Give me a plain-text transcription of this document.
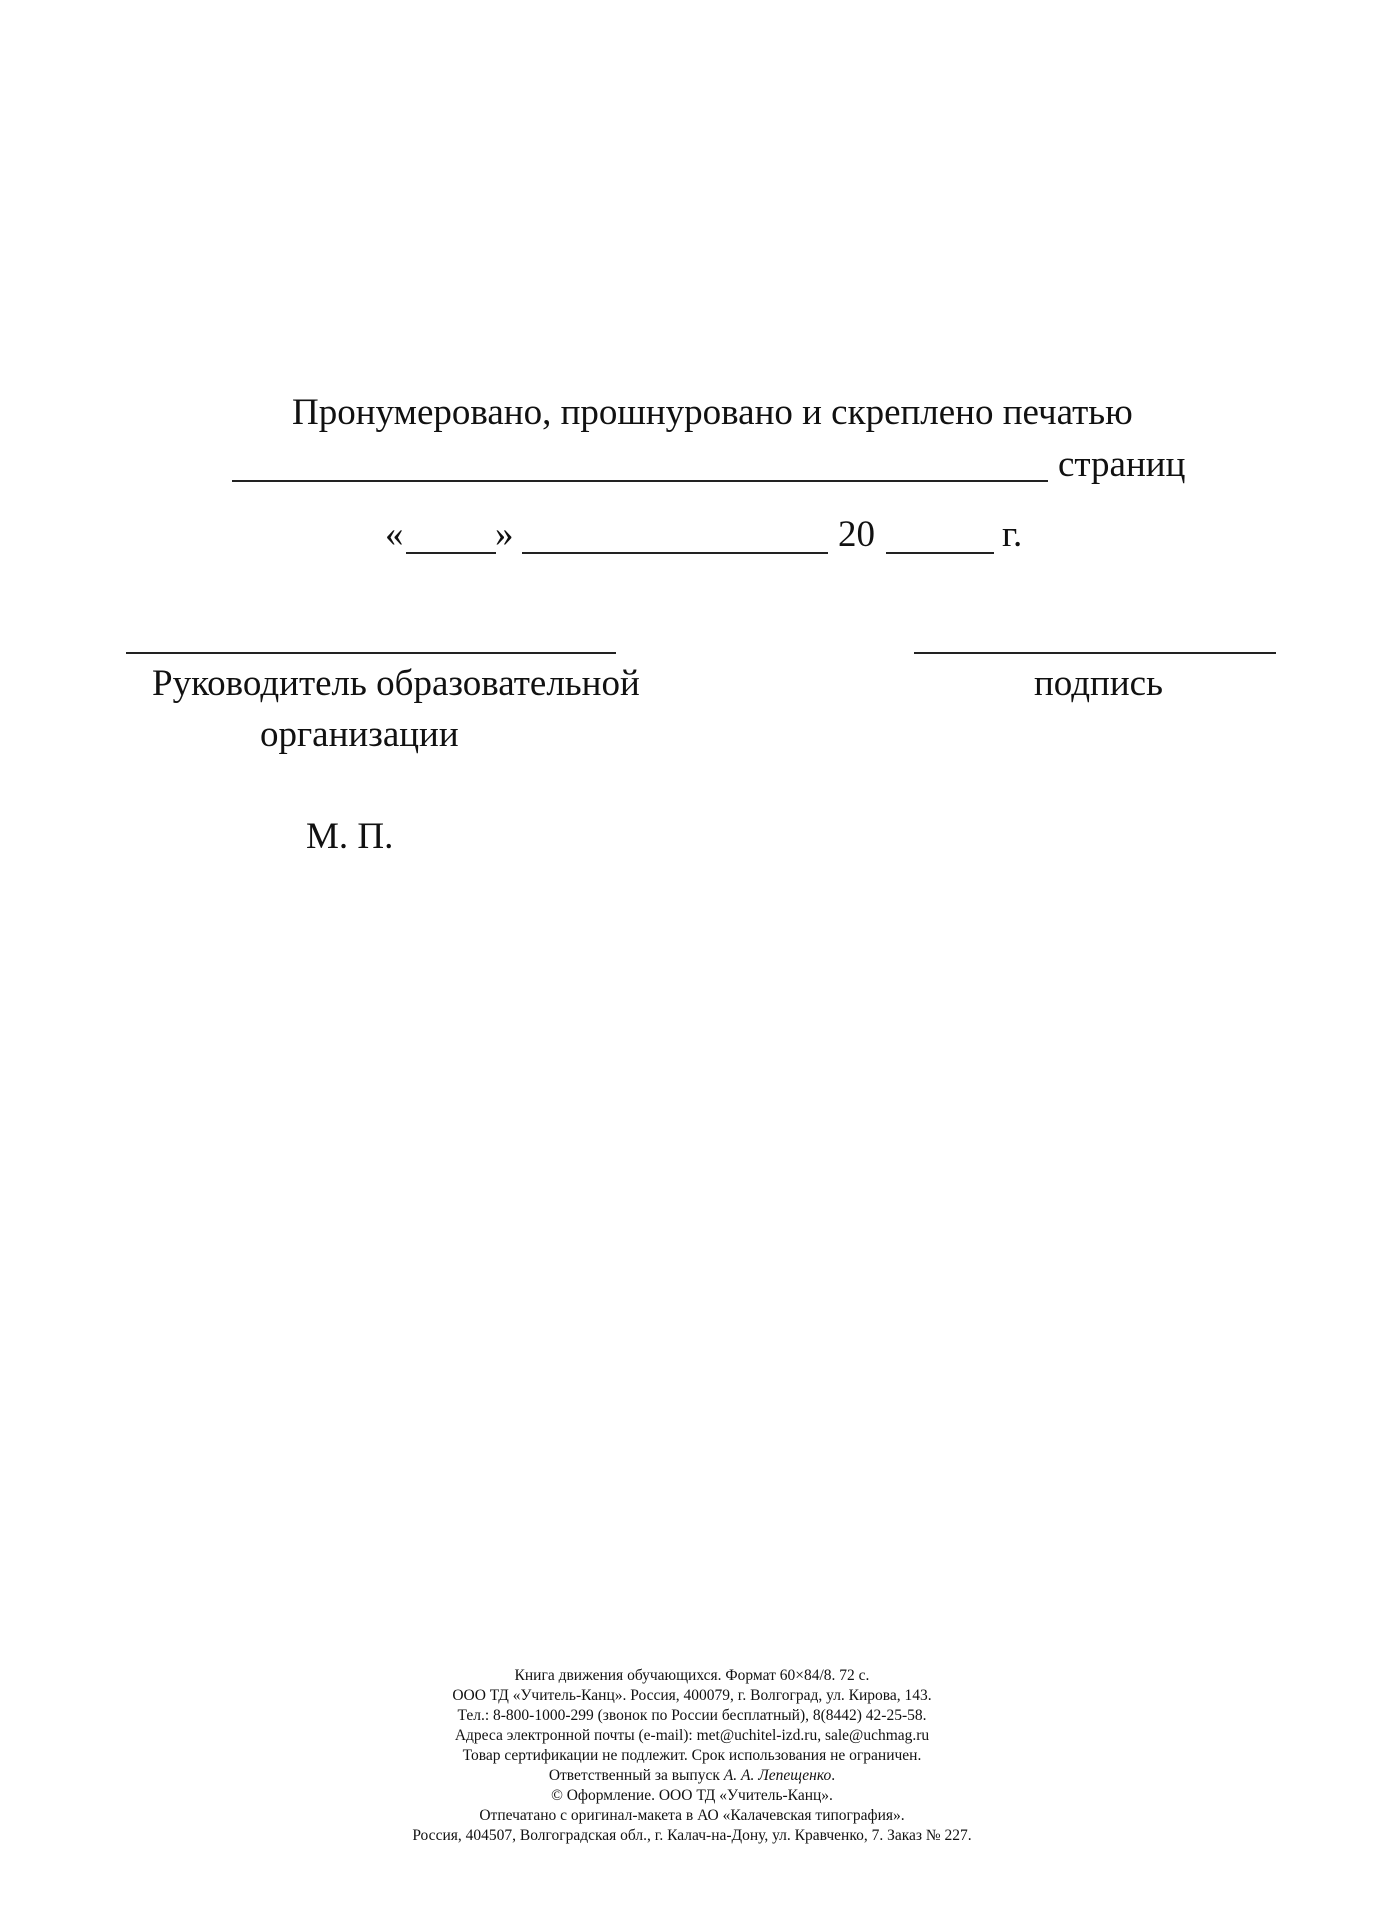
Пронумеровано, прошнуровано и скреплено печатью
страниц
« »	20	г.
Руководитель образовательной
организации
подпись
М. П.
Книга движения обучающихся. Формат 60×84/8. 72 с.
ООО ТД «Учитель-Канц». Россия, 400079, г. Волгоград, ул. Кирова, 143.
Тел.: 8-800-1000-299 (звонок по России бесплатный), 8(8442) 42-25-58.
Адреса электронной почты (e-mail): met@uchitel-izd.ru, sale@uchmag.ru
Товар сертификации не подлежит. Срок использования не ограничен.
Ответственный за выпуск А. А. Лепещенко.
© Оформление. ООО ТД «Учитель-Канц».
Отпечатано с оригинал-макета в АО «Калачевская типография».
Россия, 404507, Волгоградская обл., г. Калач-на-Дону, ул. Кравченко, 7. Заказ № 227.
